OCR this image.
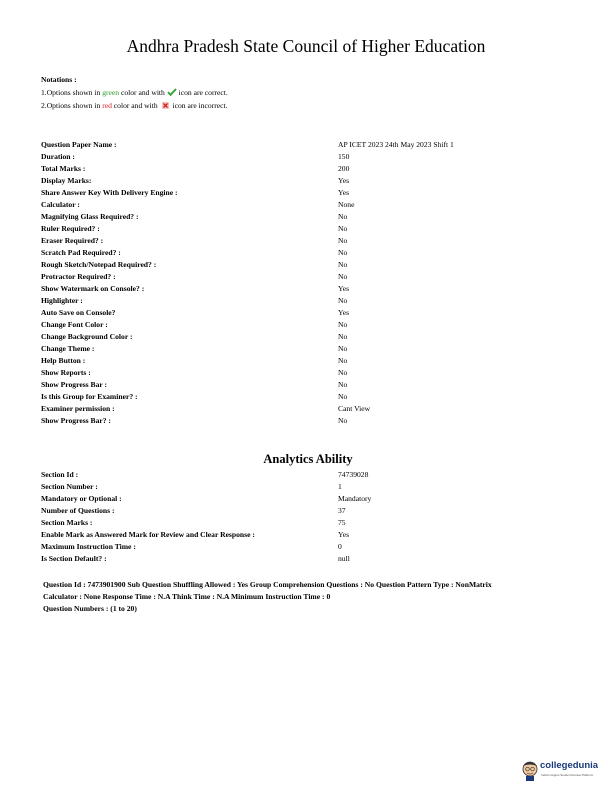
Andhra Pradesh State Council of Higher Education
Notations :
1.Options shown in green color and with icon are correct.
2.Options shown in red color and with icon are incorrect.
Question Paper Name :	AP ICET 2023 24th May 2023 Shift 1
Duration :	150
Total Marks :	200
Display Marks:	Yes
Share Answer Key With Delivery Engine :	Yes
Calculator :	None
Magnifying Glass Required? :	No
Ruler Required? :	No
Eraser Required? :	No
Scratch Pad Required? :	No
Rough Sketch/Notepad Required? :	No
Protractor Required? :	No
Show Watermark on Console? :	Yes
Highlighter :	No
Auto Save on Console?	Yes
Change Font Color :	No
Change Background Color :	No
Change Theme :	No
Help Button :	No
Show Reports :	No
Show Progress Bar :	No
Is this Group for Examiner? :	No
Examiner permission :	Cant View
Show Progress Bar? :	No
Analytics Ability
Section Id :	74739028
Section Number :	1
Mandatory or Optional :	Mandatory
Number of Questions :	37
Section Marks :	75
Enable Mark as Answered Mark for Review and Clear Response :	Yes
Maximum Instruction Time :	0
Is Section Default? :	null
Question Id : 7473901900 Sub Question Shuffling Allowed : Yes Group Comprehension Questions : No Question Pattern Type : NonMatrix
Calculator : None Response Time : N.A Think Time : N.A Minimum Instruction Time : 0
Question Numbers : (1 to 20)
collegedunia
India's largest Student Review Platform
